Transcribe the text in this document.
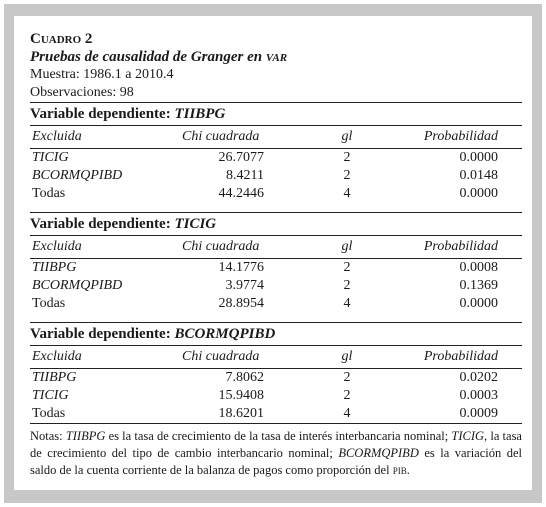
Cuadro 2
Pruebas de causalidad de Granger en var
Muestra: 1986.1 a 2010.4
Observaciones: 98
Variable dependiente: TIIBPG
Excluida	Chi cuadrada	gl	Probabilidad
TICIG	26.7077	2	0.0000
BCORMQPIBD	8.4211	2	0.0148
Todas	44.2446	4	0.0000
Variable dependiente: TICIG
Excluida	Chi cuadrada	gl	Probabilidad
TIIBPG	14.1776	2	0.0008
BCORMQPIBD	3.9774	2	0.1369
Todas	28.8954	4	0.0000
Variable dependiente: BCORMQPIBD
Excluida	Chi cuadrada	gl	Probabilidad
TIIBPG	7.8062	2	0.0202
TICIG	15.9408	2	0.0003
Todas	18.6201	4	0.0009
Notas: TIIBPG es la tasa de crecimiento de la tasa de interés interbancaria nominal; TICIG, la tasa de crecimiento del tipo de cambio interbancario nominal; BCORMQPIBD es la variación del saldo de la cuenta corriente de la balanza de pagos como proporción del pib.
